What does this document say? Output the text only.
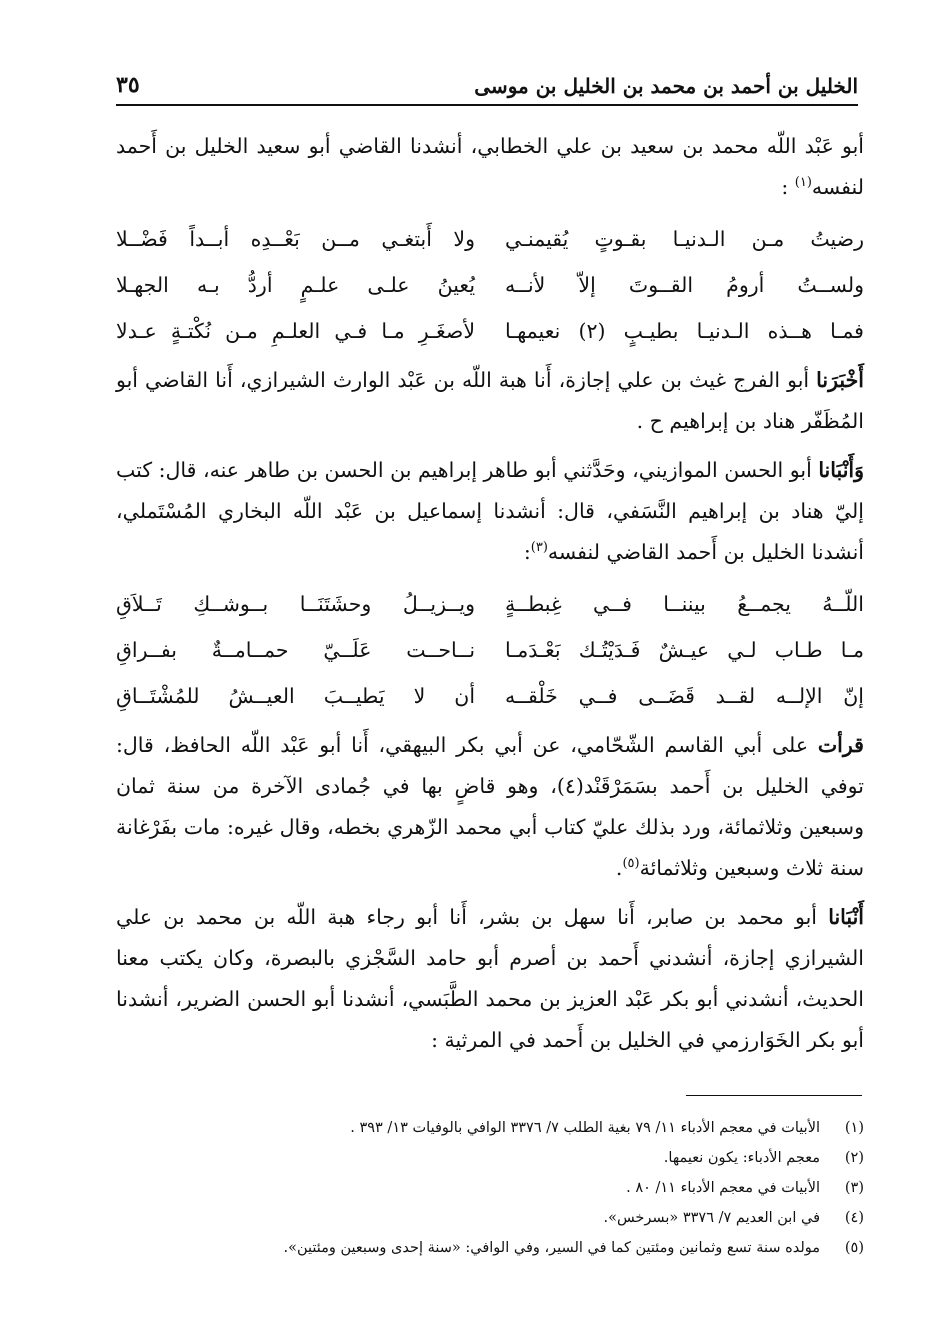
الخليل بن أحمد بن محمد بن الخليل بن موسى
٣٥

أبو عَبْد اللّه محمد بن سعيد بن علي الخطابي، أنشدنا القاضي أبو سعيد الخليل بن أَحمد لنفسه$^{(١)}$ :

رضيتُ مـن الـدنيـا بقـوتٍ يُقيمنـي
ولا أَبتغـي مــن بَعْــدِه أبــداً فَضْــلا
ولســتُ أرومُ القــوتَ إلاّ لأنــه
يُعينُ علـى علـمٍ أردُّ بـه الجهـلا
فمـا هــذه الـدنيـا بطيـبٍ (٢) نعيمهـا
لأصغَـرِ مـا فـي العلـمِ مـن نُكْتـةٍ عـدلا

أَخْبَرَنا أبو الفرج غيث بن علي إجازة، أَنا هبة اللّه بن عَبْد الوارث الشيرازي، أَنا القاضي أبو المُظَفّر هناد بن إبراهيم ح .

وَأَنْبَانا أبو الحسن الموازيني، وحَدَّثني أبو طاهر إبراهيم بن الحسن بن طاهر عنه، قال: كتب إليّ هناد بن إبراهيم النَّسَفي، قال: أنشدنا إسماعيل بن عَبْد اللّه البخاري المُسْتَملي، أنشدنا الخليل بن أَحمد القاضي لنفسه$^{(٣)}$:

اللّــهُ يجمــعُ بيننــا فــي غِبطــةٍ
ويــزيــلُ وحشَتَنَــا بــوشــكِ تَــلاَقِ
مـا طـاب لـي عيـشٌ فَـدَيْتُـك بَعْـدَمـا
نــاحــت عَلَــيّ حمــامــةٌ بفــراقِ
إنّ الإلــه لقــد قَضَــى فــي خَلْقــه
أن لا يَطيــبَ العيــشُ للمُشْتَــاقِ

قرأت على أبي القاسم الشّحّامي، عن أبي بكر البيهقي، أَنا أبو عَبْد اللّه الحافظ، قال: توفي الخليل بن أَحمد بسَمَرْقَنْد(٤)، وهو قاضٍ بها في جُمادى الآخرة من سنة ثمان وسبعين وثلاثمائة، ورد بذلك عليّ كتاب أبي محمد الزّهري بخطه، وقال غيره: مات بفَرْغانة سنة ثلاث وسبعين وثلاثمائة$^{(٥)}$.

أَنْبَانا أبو محمد بن صابر، أَنا سهل بن بشر، أَنا أبو رجاء هبة اللّه بن محمد بن علي الشيرازي إجازة، أنشدني أَحمد بن أصرم أبو حامد السَّجْزي بالبصرة، وكان يكتب معنا الحديث، أنشدني أبو بكر عَبْد العزيز بن محمد الطَّبَسي، أنشدنا أبو الحسن الضرير، أنشدنا أبو بكر الخَوَارزمي في الخليل بن أَحمد في المرثية :

(١)
الأبيات في معجم الأدباء ١١/ ٧٩ بغية الطلب ٧/ ٣٣٧٦ الوافي بالوفيات ١٣/ ٣٩٣ .
(٢)
معجم الأدباء: يكون نعيمها.
(٣)
الأبيات في معجم الأدباء ١١/ ٨٠ .
(٤)
في ابن العديم ٧/ ٣٣٧٦ «بسرخس».
(٥)
مولده سنة تسع وثمانين ومئتين كما في السير، وفي الوافي: «سنة إحدى وسبعين ومئتين».
